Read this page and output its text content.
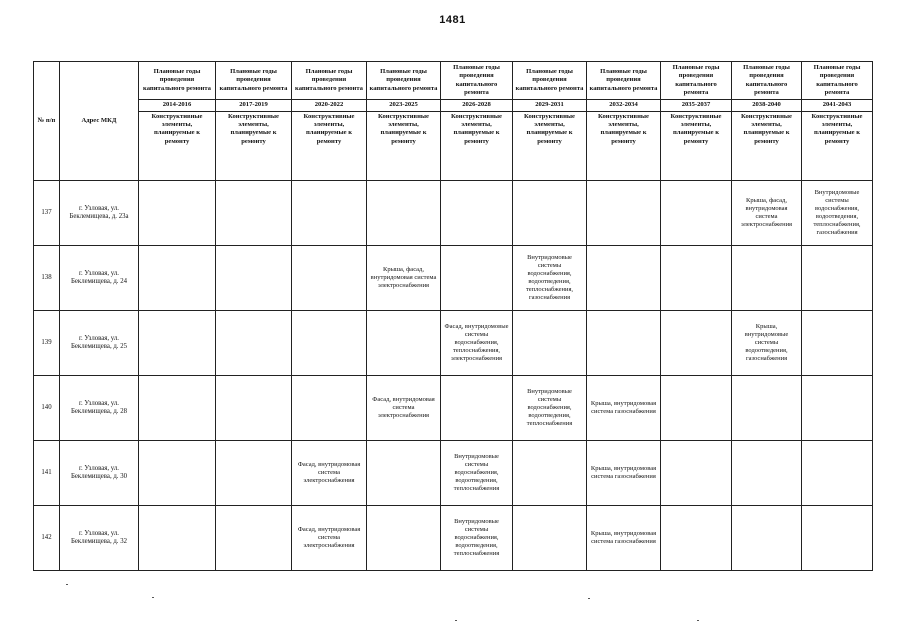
1481
№ п/п	Адрес МКД	Плановые годы проведения капитального ремонта	Плановые годы проведения капитального ремонта	Плановые годы проведения капитального ремонта	Плановые годы проведения капитального ремонта	Плановые годы проведения капитального ремонта	Плановые годы проведения капитального ремонта	Плановые годы проведения капитального ремонта	Плановые годы проведения капитального ремонта	Плановые годы проведения капитального ремонта	Плановые годы проведения капитального ремонта
		2014-2016	2017-2019	2020-2022	2023-2025	2026-2028	2029-2031	2032-2034	2035-2037	2038-2040	2041-2043
		Конструктивные элементы, планируемые к ремонту	Конструктивные элементы, планируемые к ремонту	Конструктивные элементы, планируемые к ремонту	Конструктивные элементы, планируемые к ремонту	Конструктивные элементы, планируемые к ремонту	Конструктивные элементы, планируемые к ремонту	Конструктивные элементы, планируемые к ремонту	Конструктивные элементы, планируемые к ремонту	Конструктивные элементы, планируемые к ремонту	Конструктивные элементы, планируемые к ремонту
137	г. Узловая, ул. Беклемищева, д. 23а									Крыша, фасад, внутридомовая система электроснабжения	Внутридомовые системы водоснабжения, водоотведения, теплоснабжения, газоснабжения
138	г. Узловая, ул. Беклемищева, д. 24				Крыша, фасад, внутридомовая система электроснабжения		Внутридомовые системы водоснабжения, водоотведения, теплоснабжения, газоснабжения				
139	г. Узловая, ул. Беклемищева, д. 25					Фасад, внутридомовые системы водоснабжения, теплоснабжения, электроснабжения				Крыша, внутридомовые системы водоотведения, газоснабжения	
140	г. Узловая, ул. Беклемищева, д. 28				Фасад, внутридомовая система электроснабжения		Внутридомовые системы водоснабжения, водоотведения, теплоснабжения	Крыша, внутридомовая система газоснабжения			
141	г. Узловая, ул. Беклемищева, д. 30			Фасад, внутридомовая система электроснабжения		Внутридомовые системы водоснабжения, водоотведения, теплоснабжения		Крыша, внутридомовая система газоснабжения			
142	г. Узловая, ул. Беклемищева, д. 32			Фасад, внутридомовая система электроснабжения		Внутридомовые системы водоснабжения, водоотведения, теплоснабжения		Крыша, внутридомовая система газоснабжения			
